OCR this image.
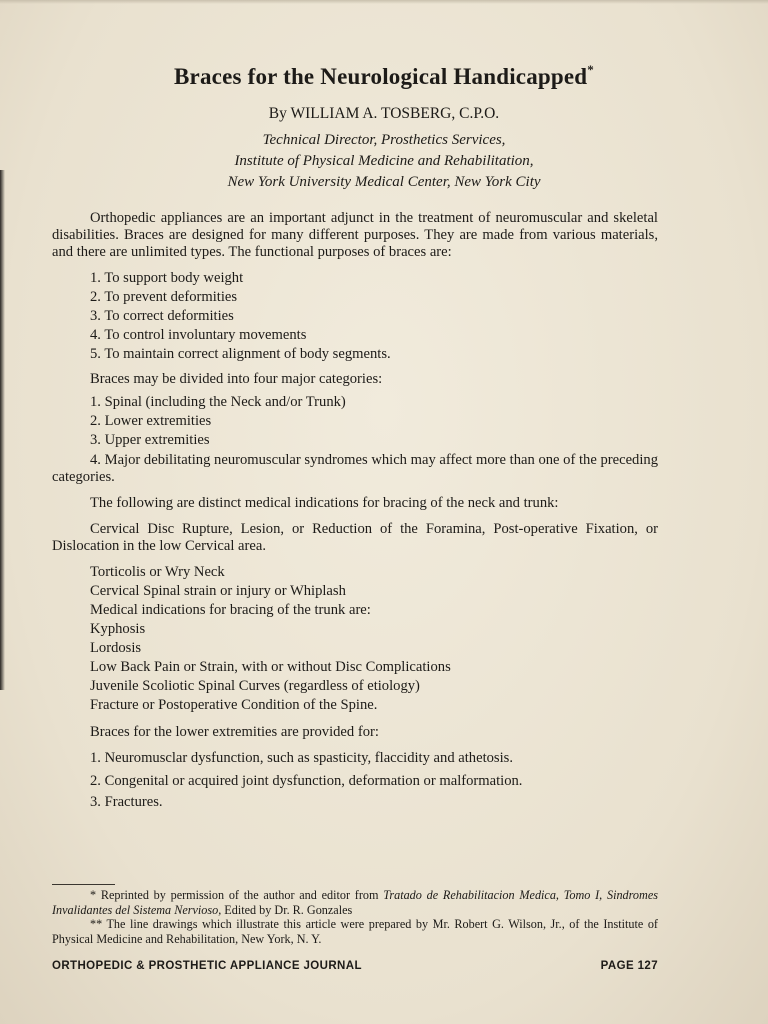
Braces for the Neurological Handicapped*
By WILLIAM A. TOSBERG, C.P.O.
Technical Director, Prosthetics Services,
Institute of Physical Medicine and Rehabilitation,
New York University Medical Center, New York City

Orthopedic appliances are an important adjunct in the treatment of neuromuscular and skeletal disabilities. Braces are designed for many different purposes. They are made from various materials, and there are unlimited types. The functional purposes of braces are:

1. To support body weight

2. To prevent deformities

3. To correct deformities

4. To control involuntary movements

5. To maintain correct alignment of body segments.

Braces may be divided into four major categories:

1. Spinal (including the Neck and/or Trunk)

2. Lower extremities

3. Upper extremities

4. Major debilitating neuromuscular syndromes which may affect more than one of the preceding categories.

The following are distinct medical indications for bracing of the neck and trunk:

Cervical Disc Rupture, Lesion, or Reduction of the Foramina, Post-operative Fixation, or Dislocation in the low Cervical area.

Torticolis or Wry Neck

Cervical Spinal strain or injury or Whiplash

Medical indications for bracing of the trunk are:

Kyphosis

Lordosis

Low Back Pain or Strain, with or without Disc Complications

Juvenile Scoliotic Spinal Curves (regardless of etiology)

Fracture or Postoperative Condition of the Spine.

Braces for the lower extremities are provided for:

1. Neuromusclar dysfunction, such as spasticity, flaccidity and athetosis.

2. Congenital or acquired joint dysfunction, deformation or malformation.

3. Fractures.

* Reprinted by permission of the author and editor from Tratado de Rehabilitacion Medica, Tomo I, Sindromes Invalidantes del Sistema Nervioso, Edited by Dr. R. Gonzales

** The line drawings which illustrate this article were prepared by Mr. Robert G. Wilson, Jr., of the Institute of Physical Medicine and Rehabilitation, New York, N. Y.

ORTHOPEDIC & PROSTHETIC APPLIANCE JOURNAL	PAGE 127
